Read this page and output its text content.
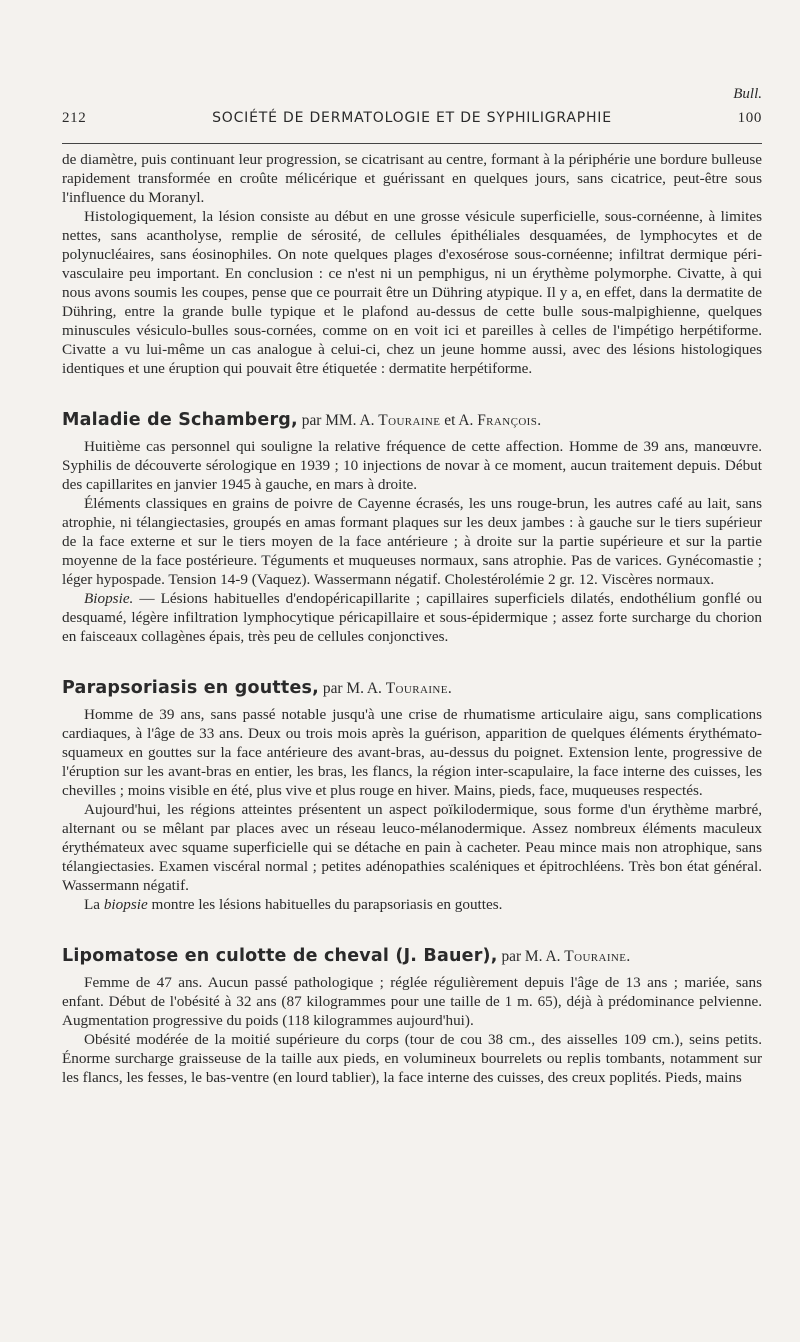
Bull.
212	SOCIÉTÉ DE DERMATOLOGIE ET DE SYPHILIGRAPHIE	100

de diamètre, puis continuant leur progression, se cicatrisant au centre, formant à la périphérie une bordure bulleuse rapidement transformée en croûte mélicérique et guérissant en quelques jours, sans cicatrice, peut-être sous l'influence du Moranyl.

Histologiquement, la lésion consiste au début en une grosse vésicule superficielle, sous-cornéenne, à limites nettes, sans acantholyse, remplie de sérosité, de cellules épithéliales desquamées, de lymphocytes et de polynucléaires, sans éosinophiles. On note quelques plages d'exosérose sous-cornéenne; infiltrat dermique péri-vasculaire peu important. En conclusion : ce n'est ni un pemphigus, ni un érythème polymorphe. Civatte, à qui nous avons soumis les coupes, pense que ce pourrait être un Dühring atypique. Il y a, en effet, dans la dermatite de Dühring, entre la grande bulle typique et le plafond au-dessus de cette bulle sous-malpighienne, quelques minuscules vésiculo-bulles sous-cornées, comme on en voit ici et pareilles à celles de l'impétigo herpétiforme. Civatte a vu lui-même un cas analogue à celui-ci, chez un jeune homme aussi, avec des lésions histologiques identiques et une éruption qui pouvait être étiquetée : dermatite herpétiforme.

Maladie de Schamberg, par MM. A. Touraine et A. François.

Huitième cas personnel qui souligne la relative fréquence de cette affection. Homme de 39 ans, manœuvre. Syphilis de découverte sérologique en 1939 ; 10 injections de novar à ce moment, aucun traitement depuis. Début des capillarites en janvier 1945 à gauche, en mars à droite.

Éléments classiques en grains de poivre de Cayenne écrasés, les uns rouge-brun, les autres café au lait, sans atrophie, ni télangiectasies, groupés en amas formant plaques sur les deux jambes : à gauche sur le tiers supérieur de la face externe et sur le tiers moyen de la face antérieure ; à droite sur la partie supérieure et sur la partie moyenne de la face postérieure. Téguments et muqueuses normaux, sans atrophie. Pas de varices. Gynécomastie ; léger hypospade. Tension 14-9 (Vaquez). Wassermann négatif. Cholestérolémie 2 gr. 12. Viscères normaux.

Biopsie. — Lésions habituelles d'endopéricapillarite ; capillaires superficiels dilatés, endothélium gonflé ou desquamé, légère infiltration lymphocytique péricapillaire et sous-épidermique ; assez forte surcharge du chorion en faisceaux collagènes épais, très peu de cellules conjonctives.

Parapsoriasis en gouttes, par M. A. Touraine.

Homme de 39 ans, sans passé notable jusqu'à une crise de rhumatisme articulaire aigu, sans complications cardiaques, à l'âge de 33 ans. Deux ou trois mois après la guérison, apparition de quelques éléments érythémato-squameux en gouttes sur la face antérieure des avant-bras, au-dessus du poignet. Extension lente, progressive de l'éruption sur les avant-bras en entier, les bras, les flancs, la région inter-scapulaire, la face interne des cuisses, les chevilles ; moins visible en été, plus vive et plus rouge en hiver. Mains, pieds, face, muqueuses respectés.

Aujourd'hui, les régions atteintes présentent un aspect poïkilodermique, sous forme d'un érythème marbré, alternant ou se mêlant par places avec un réseau leuco-mélanodermique. Assez nombreux éléments maculeux érythémateux avec squame superficielle qui se détache en pain à cacheter. Peau mince mais non atrophique, sans télangiectasies. Examen viscéral normal ; petites adénopathies scaléniques et épitrochléens. Très bon état général. Wassermann négatif.

La biopsie montre les lésions habituelles du parapsoriasis en gouttes.

Lipomatose en culotte de cheval (J. Bauer), par M. A. Touraine.

Femme de 47 ans. Aucun passé pathologique ; réglée régulièrement depuis l'âge de 13 ans ; mariée, sans enfant. Début de l'obésité à 32 ans (87 kilogrammes pour une taille de 1 m. 65), déjà à prédominance pelvienne. Augmentation progressive du poids (118 kilogrammes aujourd'hui).

Obésité modérée de la moitié supérieure du corps (tour de cou 38 cm., des aisselles 109 cm.), seins petits. Énorme surcharge graisseuse de la taille aux pieds, en volumineux bourrelets ou replis tombants, notamment sur les flancs, les fesses, le bas-ventre (en lourd tablier), la face interne des cuisses, des creux poplités. Pieds, mains
